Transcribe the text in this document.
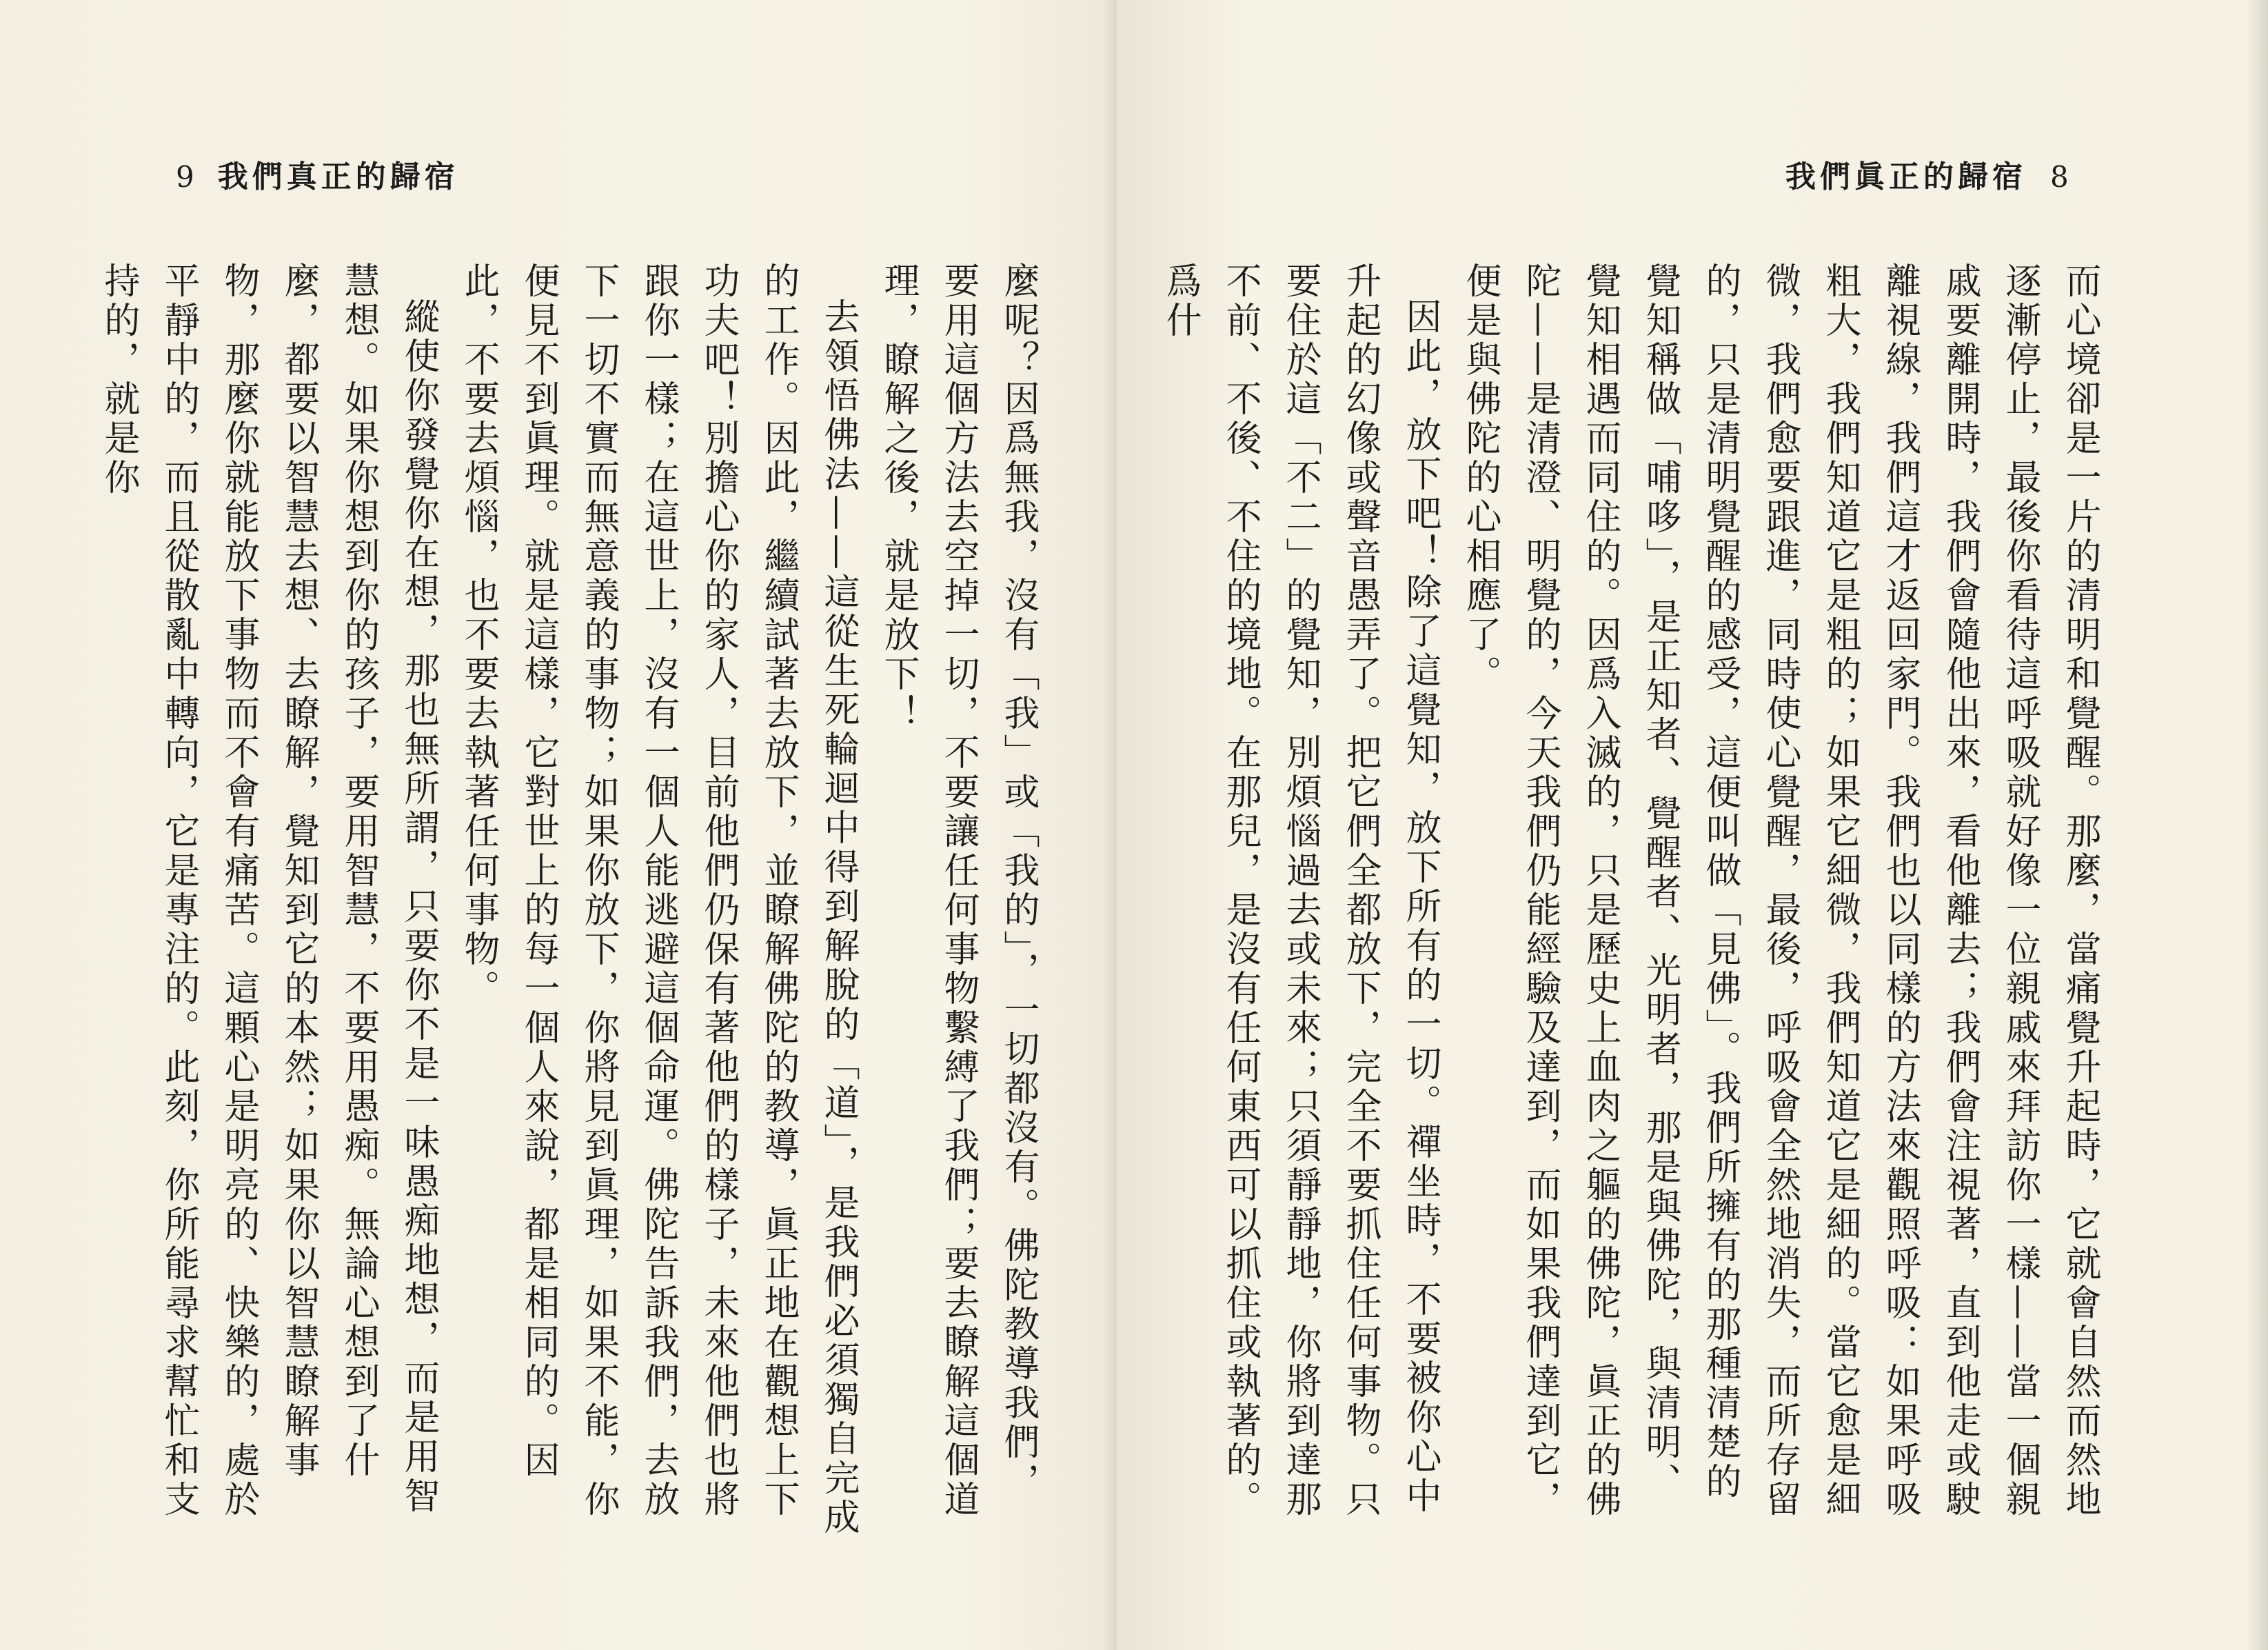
9 我們真正的歸宿

麼呢？因爲無我，沒有「我」或「我的」，一切都沒有。佛陀教導我們，要用這個方法去空掉一切，不要讓任何事物繫縛了我們；要去瞭解這個道理，瞭解之後，就是放下！

去領悟佛法——這從生死輪迴中得到解脫的「道」，是我們必須獨自完成的工作。因此，繼續試著去放下，並瞭解佛陀的教導，眞正地在觀想上下功夫吧！別擔心你的家人，目前他們仍保有著他們的樣子，未來他們也將跟你一樣；在這世上，沒有一個人能逃避這個命運。佛陀告訴我們，去放下一切不實而無意義的事物；如果你放下，你將見到眞理，如果不能，你便見不到眞理。就是這樣，它對世上的每一個人來說，都是相同的。因此，不要去煩惱，也不要去執著任何事物。

縱使你發覺你在想，那也無所謂，只要你不是一味愚痴地想，而是用智慧想。如果你想到你的孩子，要用智慧，不要用愚痴。無論心想到了什麼，都要以智慧去想、去瞭解，覺知到它的本然；如果你以智慧瞭解事物，那麼你就能放下事物而不會有痛苦。這顆心是明亮的、快樂的，處於平靜中的，而且從散亂中轉向，它是專注的。此刻，你所能尋求幫忙和支持的，就是你

我們眞正的歸宿 8

而心境卻是一片的清明和覺醒。那麼，當痛覺升起時，它就會自然而然地逐漸停止，最後你看待這呼吸就好像一位親戚來拜訪你一樣——當一個親戚要離開時，我們會隨他出來，看他離去；我們會注視著，直到他走或駛離視線，我們這才返回家門。我們也以同樣的方法來觀照呼吸：如果呼吸粗大，我們知道它是粗的；如果它細微，我們知道它是細的。當它愈是細微，我們愈要跟進，同時使心覺醒，最後，呼吸會全然地消失，而所存留的，只是清明覺醒的感受，這便叫做「見佛」。我們所擁有的那種清楚的覺知稱做「哺哆」，是正知者、覺醒者、光明者，那是與佛陀，與清明、覺知相遇而同住的。因爲入滅的，只是歷史上血肉之軀的佛陀，眞正的佛陀——是清澄、明覺的，今天我們仍能經驗及達到，而如果我們達到它，便是與佛陀的心相應了。

因此，放下吧！除了這覺知，放下所有的一切。禪坐時，不要被你心中升起的幻像或聲音愚弄了。把它們全都放下，完全不要抓住任何事物。只要住於這「不二」的覺知，別煩惱過去或未來；只須靜靜地，你將到達那不前、不後、不住的境地。在那兒，是沒有任何東西可以抓住或執著的。爲什
